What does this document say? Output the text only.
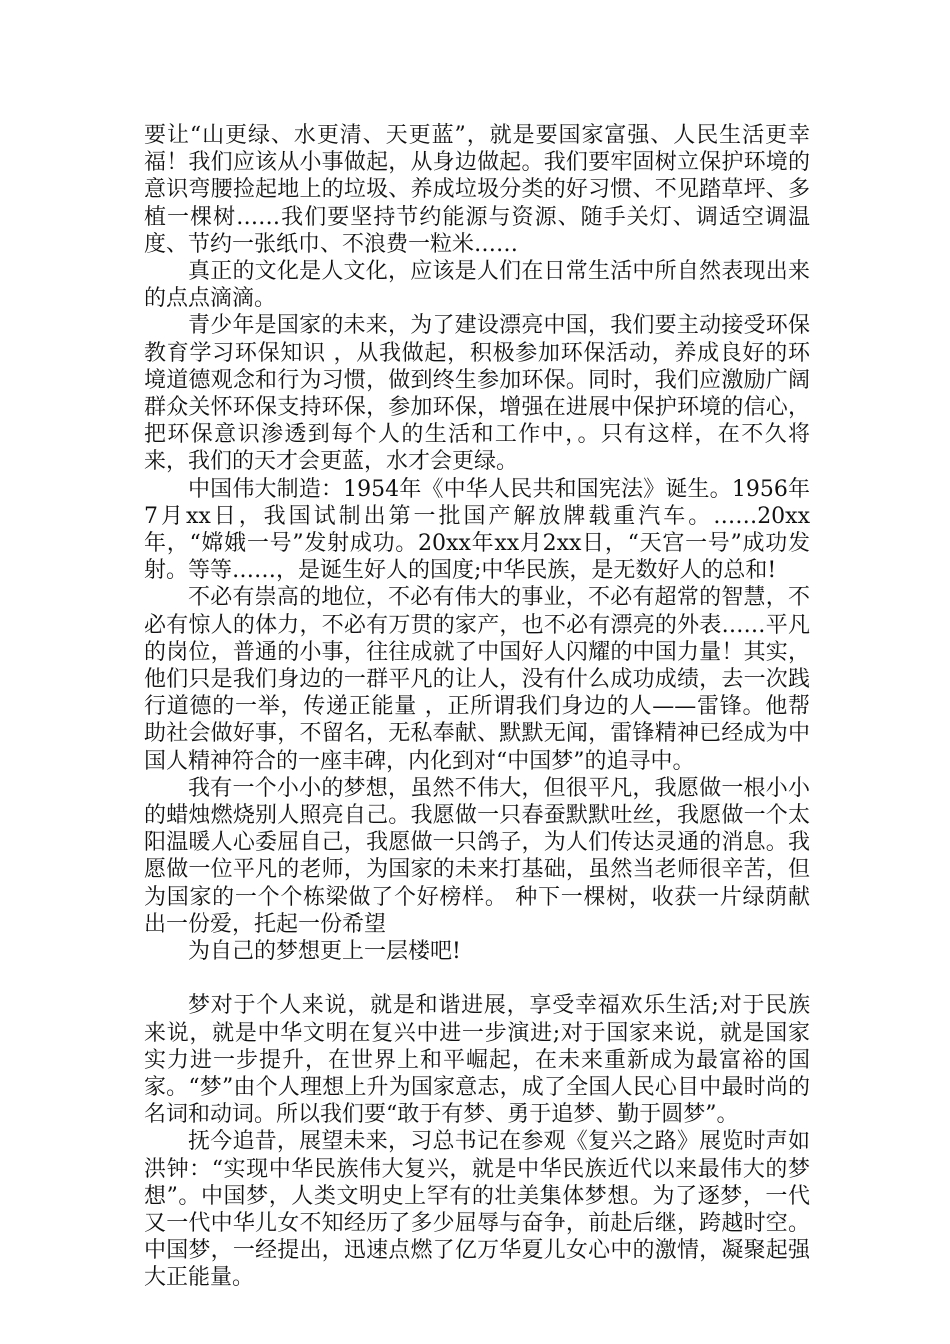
要让“山更绿、水更清、天更蓝”，就是要国家富强、人民生活更幸福！我们应该从小事做起，从身边做起。我们要牢固树立保护环境的意识弯腰捡起地上的垃圾、养成垃圾分类的好习惯、不见踏草坪、多植一棵树……我们要坚持节约能源与资源、随手关灯、调适空调温度、节约一张纸巾、不浪费一粒米……

真正的文化是人文化，应该是人们在日常生活中所自然表现出来的点点滴滴。

青少年是国家的未来，为了建设漂亮中国，我们要主动接受环保教育学习环保知识 ，从我做起，积极参加环保活动，养成良好的环境道德观念和行为习惯，做到终生参加环保。同时，我们应激励广阔群众关怀环保支持环保，参加环保，增强在进展中保护环境的信心，把环保意识渗透到每个人的生活和工作中，。只有这样，在不久将来，我们的天才会更蓝，水才会更绿。

中国伟大制造：1954年《中华人民共和国宪法》诞生。1956年7月xx日，我国试制出第一批国产解放牌载重汽车。……20xx年，“嫦娥一号”发射成功。20xx年xx月2xx日，“天宫一号”成功发射。等等……，是诞生好人的国度;中华民族，是无数好人的总和!

不必有崇高的地位，不必有伟大的事业，不必有超常的智慧，不必有惊人的体力，不必有万贯的家产，也不必有漂亮的外表……平凡的岗位，普通的小事，往往成就了中国好人闪耀的中国力量！其实，他们只是我们身边的一群平凡的让人，没有什么成功成绩，去一次践行道德的一举，传递正能量 ，正所谓我们身边的人——雷锋。他帮助社会做好事，不留名，无私奉献、默默无闻，雷锋精神已经成为中国人精神符合的一座丰碑，内化到对“中国梦”的追寻中。

我有一个小小的梦想，虽然不伟大，但很平凡，我愿做一根小小的蜡烛燃烧别人照亮自己。我愿做一只春蚕默默吐丝，我愿做一个太阳温暖人心委屈自己，我愿做一只鸽子，为人们传达灵通的消息。我愿做一位平凡的老师，为国家的未来打基础，虽然当老师很辛苦，但为国家的一个个栋梁做了个好榜样。 种下一棵树，收获一片绿荫献出一份爱，托起一份希望

为自己的梦想更上一层楼吧!

梦对于个人来说，就是和谐进展，享受幸福欢乐生活;对于民族来说，就是中华文明在复兴中进一步演进;对于国家来说，就是国家实力进一步提升，在世界上和平崛起，在未来重新成为最富裕的国家。“梦”由个人理想上升为国家意志，成了全国人民心目中最时尚的名词和动词。所以我们要“敢于有梦、勇于追梦、勤于圆梦”。

抚今追昔，展望未来，习总书记在参观《复兴之路》展览时声如洪钟：“实现中华民族伟大复兴，就是中华民族近代以来最伟大的梦想”。中国梦，人类文明史上罕有的壮美集体梦想。为了逐梦，一代又一代中华儿女不知经历了多少屈辱与奋争，前赴后继，跨越时空。中国梦，一经提出，迅速点燃了亿万华夏儿女心中的激情，凝聚起强大正能量。
